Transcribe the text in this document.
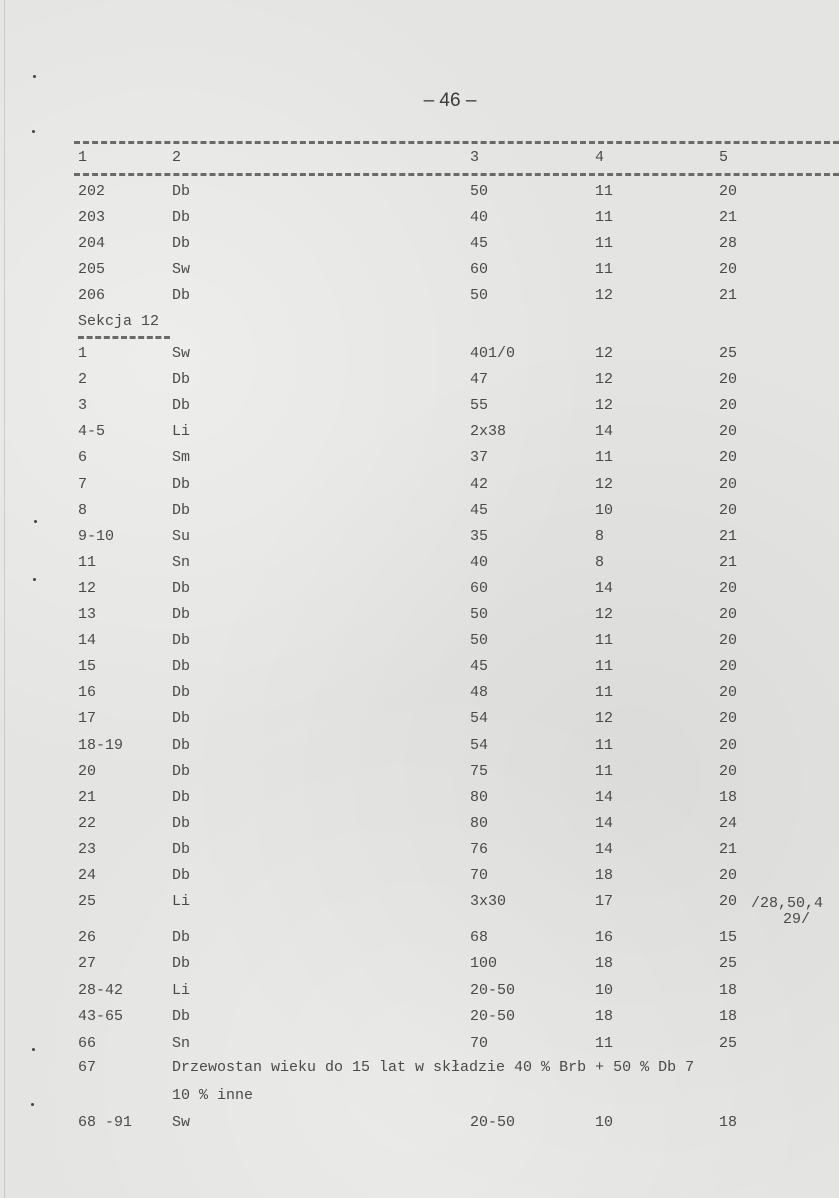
– 46 –
1	2	3	4	5
202	Db	50	11	20
203	Db	40	11	21
204	Db	45	11	28
205	Sw	60	11	20
206	Db	50	12	21
Sekcja 12
1	Sw	401/0	12	25
2	Db	47	12	20
3	Db	55	12	20
4-5	Li	2x38	14	20
6	Sm	37	11	20
7	Db	42	12	20
8	Db	45	10	20
9-10	Su	35	8	21
11	Sn	40	8	21
12	Db	60	14	20
13	Db	50	12	20
14	Db	50	11	20
15	Db	45	11	20
16	Db	48	11	20
17	Db	54	12	20
18-19	Db	54	11	20
20	Db	75	11	20
21	Db	80	14	18
22	Db	80	14	24
23	Db	76	14	21
24	Db	70	18	20
25	Li	3x30	17	20 /28,50,4
29/
26	Db	68	16	15
27	Db	100	18	25
28-42	Li	20-50	10	18
43-65	Db	20-50	18	18
66	Sn	70	11	25
67	Drzewostan wieku do 15 lat w składzie 40 % Brb + 50 % Db 7
10 % inne
68 -91	Sw	20-50	10	18
